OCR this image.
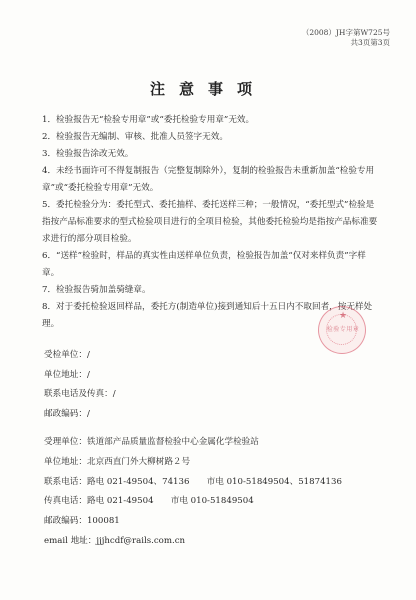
（2008）JH字第W725号
共3页第3页
注意事项
1．检验报告无“检验专用章”或“委托检验专用章”无效。
2．检验报告无编制、审核、批准人员签字无效。
3．检验报告涂改无效。
4．未经书面许可不得复制报告（完整复制除外），复制的检验报告未重新加盖“检验专用章”或“委托检验专用章”无效。
5．委托检验分为：委托型式、委托抽样、委托送样三种；一般情况，“委托型式”检验是指按产品标准要求的型式检验项目进行的全项目检验，其他委托检验均是指按产品标准要求进行的部分项目检验。
6．“送样”检验时，样品的真实性由送样单位负责，检验报告加盖“仅对来样负责”字样章。
7．检验报告骑加盖骑缝章。
8．对于委托检验返回样品，委托方(制造单位)接到通知后十五日内不取回者，按无样处理。
★
检验专用章
受检单位：/
单位地址：/
联系电话及传真：/
邮政编码：/
受理单位：铁道部产品质量监督检验中心金属化学检验站
单位地址：北京西直门外大柳树路２号
联系电话：路电 021-49504、74136　　市电 010-51849504、51874136
传真电话：路电 021-49504　　市电 010-51849504
邮政编码：100081
email 地址：jjjhcdf@rails.com.cn
